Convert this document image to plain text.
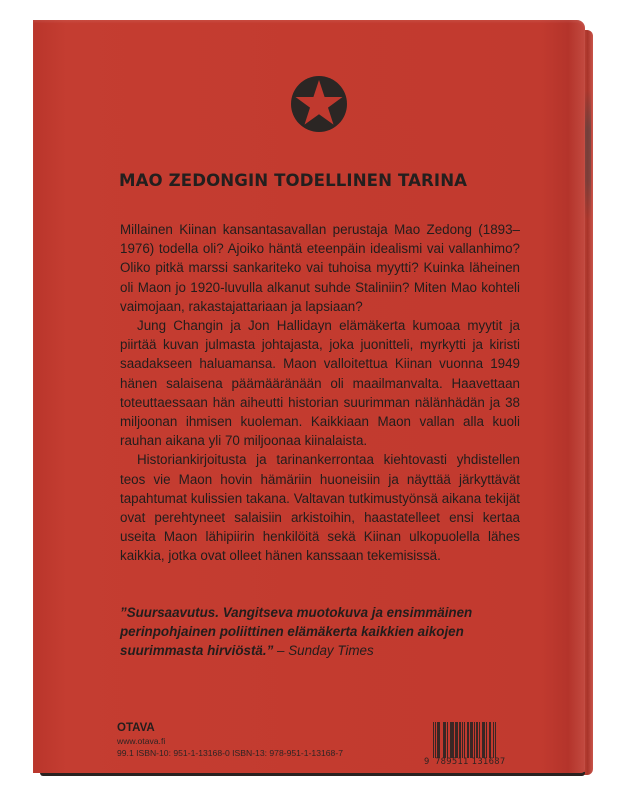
MAO ZEDONGIN TODELLINEN TARINA

Millainen Kiinan kansantasavallan perustaja Mao Zedong (1893–1976) todella oli? Ajoiko häntä eteenpäin idealismi vai vallanhimo? Oliko pitkä marssi sankariteko vai tuhoisa myytti? Kuinka läheinen oli Maon jo 1920-luvulla alkanut suhde Staliniin? Miten Mao kohteli vaimojaan, rakastajattariaan ja lapsiaan?

Jung Changin ja Jon Hallidayn elämäkerta kumoaa myytit ja piirtää kuvan julmasta johtajasta, joka juonitteli, myrkytti ja kiristi saadakseen haluamansa. Maon valloitettua Kiinan vuonna 1949 hänen salaisena päämääränään oli maailmanvalta. Haavettaan toteuttaessaan hän aiheutti historian suurimman nälänhädän ja 38 miljoonan ihmisen kuoleman. Kaikkiaan Maon vallan alla kuoli rauhan aikana yli 70 miljoonaa kiinalaista.

Historiankirjoitusta ja tarinankerrontaa kiehtovasti yhdistellen teos vie Maon hovin hämäriin huoneisiin ja näyttää järkyttävät tapahtumat kulissien takana. Valtavan tutkimustyönsä aikana tekijät ovat perehtyneet salaisiin arkistoihin, haastatelleet ensi kertaa useita Maon lähipiirin henkilöitä sekä Kiinan ulkopuolella lähes kaikkia, jotka ovat olleet hänen kanssaan tekemisissä.

”Suursaavutus. Vangitseva muotokuva ja ensimmäinen perinpohjainen poliittinen elämäkerta kaikkien aikojen suurimmasta hirviöstä.” – Sunday Times

OTAVA
www.otava.fi
99.1 ISBN-10: 951-1-13168-0 ISBN-13: 978-951-1-13168-7
9 789511 131687
